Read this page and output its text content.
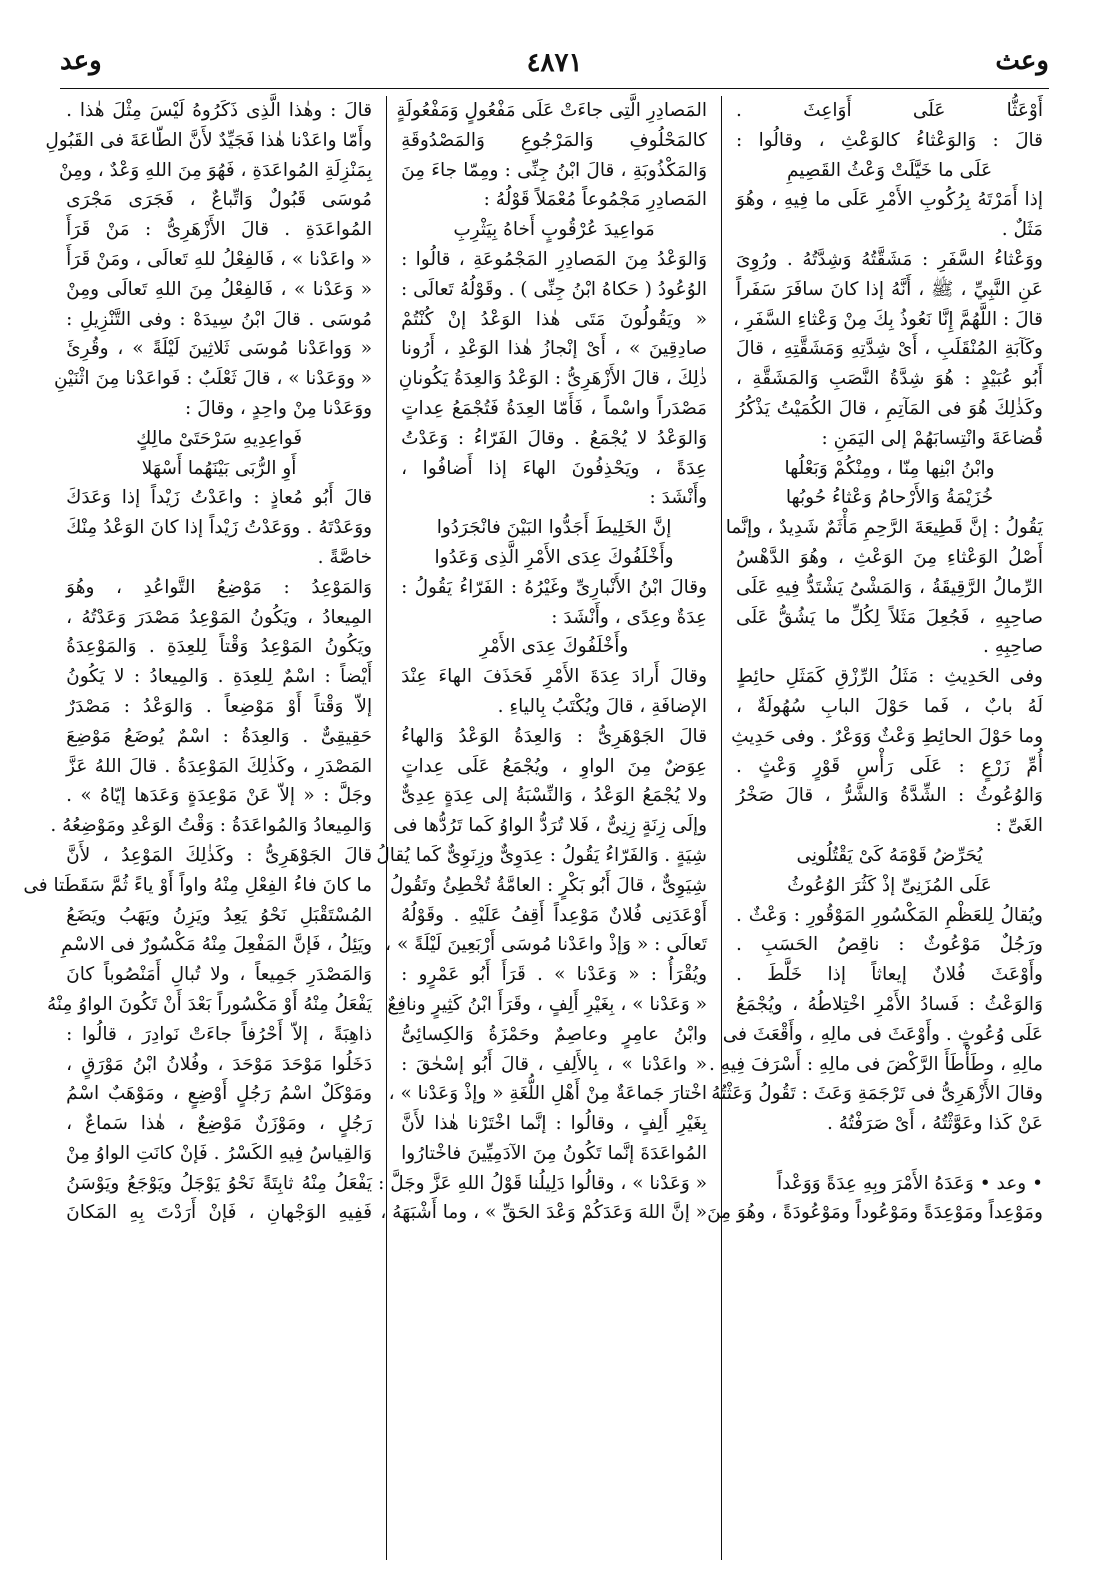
وعث
٤٨٧١
وعد
أَوْعَثُّا عَلَى أَوَاعِثَ .
قالَ : وَالوَعْثاءُ كالوَعْثِ ، وقالُوا :
عَلَى ما خَيَّلَتْ وَعْثُ القَصِيمِ
إذا أَمَرْتَهُ بِرُكُوبِ الأَمْرِ عَلَى ما فِيهِ ، وهُوَ
مَثَلٌ .
ووَعْثاءُ السَّفَرِ : مَشَقَّتُهُ وَشِدَّتُهُ . ورُوِىَ
عَنِ النَّبِيِّ ، ﷺ ، أَنَّهُ إذا كانَ سافَرَ سَفَراً
قالَ : اللَّهُمَّ إِنَّا نَعُوذُ بِكَ مِنْ وَعْثاءِ السَّفَرِ ،
وكَآبَةِ المُنْقَلَبِ ، أَىْ شِدَّتِهِ وَمَشَقَّتِهِ ، قالَ
أَبُو عُبَيْدٍ : هُوَ شِدَّةُ النَّصَبِ وَالمَشَقَّةِ ،
وكَذٰلِكَ هُوَ فى المَآتِمِ ، قالَ الكُمَيْتُ يَذْكُرُ
قُضاعَةَ وانْتِسابَهُمْ إلى اليَمَنِ :
وابْنُ ابْنِها مِنّا ، ومِنْكُمْ وَبَعْلُها
خُزَيْمَةُ وَالأَرْحامُ وَعْثاءُ حُوبُها
يَقُولُ : إنَّ قَطِيعَةَ الرَّحِمِ مَأْثَمٌ شَدِيدٌ ، وإنَّما
أَصْلُ الوَعْثاءِ مِنَ الوَعْثِ ، وهُوَ الدَّهْسُ
الرِّمالُ الرَّقِيقَةُ ، وَالمَشْىُ يَشْتَدُّ فِيهِ عَلَى
صاحِبِهِ ، فَجُعِلَ مَثَلاً لِكُلِّ ما يَشُقُّ عَلَى
صاحِبِهِ .
وفى الحَدِيثِ : مَثَلُ الرِّزْقِ كَمَثَلِ حائِطٍ
لَهُ بابٌ ، فَما حَوْلَ البابِ سُهُولَةٌ ،
وما حَوْلَ الحائِطِ وَعْثٌ وَوَعْرٌ . وفى حَدِيثِ
أُمِّ زَرْعٍ : عَلَى رَأْسِ قَوْرٍ وَعْثٍ .
وَالوُعُوثُ : الشِّدَّةُ وَالشَّرُّ ، قالَ صَخْرُ
الغَىِّ :
يُحَرِّضُ قَوْمَهُ كَىْ يَقْتُلُونِى
عَلَى المُزَنِىِّ إذْ كَثُرَ الوُعُوثُ
ويُقالُ لِلعَظْمِ المَكْسُورِ المَوْقُورِ : وَعْثٌ .
ورَجُلٌ مَوْعُوثٌ : ناقِصُ الحَسَبِ .
وأَوْعَثَ فُلانٌ إيعاثاً إذا خَلَّطَ .
وَالوَعْثُ : فَسادُ الأَمْرِ اخْتِلاطُهُ ، ويُجْمَعُ
عَلَى وُعُوثٍ . وأَوْعَثَ فى مالِهِ ، وأَقْعَثَ فى
مالِهِ ، وطَأْطَأَ الرَّكْضَ فى مالِهِ : أَسْرَفَ فِيهِ .
وقالَ الأَزْهَرِىُّ فى تَرْجَمَةِ وَعَثَ : تَقُولُ وَعَثْتُهُ
عَنْ كَذا وعَوَّثْتُهُ ، أَىْ صَرَفْتُهُ .
• وعد • وَعَدَهُ الأَمْرَ وبِهِ عِدَةً وَوَعْداً
ومَوْعِداً ومَوْعِدَةً ومَوْعُوداً ومَوْعُودَةً ، وهُوَ مِنَ
المَصادِرِ الَّتِى جاءَتْ عَلَى مَفْعُولٍ وَمَفْعُولَةٍ
كالمَحْلُوفِ وَالمَرْجُوعِ وَالمَصْدُوقَةِ
وَالمَكْذُوبَةِ ، قالَ ابْنُ جِنِّى : ومِمّا جاءَ مِنَ
المَصادِرِ مَجْمُوعاً مُعْمَلاً قَوْلُهُ :
مَواعِيدَ عُرْقُوبٍ أَخاهُ بِيَثْرِبِ
وَالوَعْدُ مِنَ المَصادِرِ المَجْمُوعَةِ ، قالُوا :
الوُعُودُ ( حَكاهُ ابْنُ جِنِّى ) . وقَوْلُهُ تَعالَى :
« ويَقُولُونَ مَتَى هٰذا الوَعْدُ إنْ كُنْتُمْ
صادِقِينَ » ، أَىْ إنْجازُ هٰذا الوَعْدِ ، أَرُونا
ذٰلِكَ ، قالَ الأَزْهَرِىُّ : الوَعْدُ وَالعِدَةُ يَكُونانِ
مَصْدَراً واسْماً ، فَأَمّا العِدَةُ فَتُجْمَعُ عِداتٍ
وَالوَعْدُ لا يُجْمَعُ . وقالَ الفَرّاءُ : وَعَدْتُ
عِدَةً ، ويَحْذِفُونَ الهاءَ إذا أَضافُوا ،
وأَنْشَدَ :
إنَّ الخَلِيطَ أَجَدُّوا البَيْنَ فانْجَرَدُوا
وأَخْلَفُوكَ عِدَى الأَمْرِ الَّذِى وَعَدُوا
وقالَ ابْنُ الأَنْبارِىِّ وغَيْرُهُ : الفَرّاءُ يَقُولُ :
عِدَةٌ وعِدًى ، وأَنْشَدَ :
وأَخْلَفُوكَ عِدَى الأَمْرِ
وقالَ أَرادَ عِدَةَ الأَمْرِ فَحَذَفَ الهاءَ عِنْدَ
الإضافَةِ ، قالَ ويُكْتَبُ بِالياءِ .
قالَ الجَوْهَرِىُّ : وَالعِدَةُ الوَعْدُ وَالهاءُ
عِوَضٌ مِنَ الواوِ ، ويُجْمَعُ عَلَى عِداتٍ
ولا يُجْمَعُ الوَعْدُ ، وَالنِّسْبَةُ إلى عِدَةٍ عِدِىٌّ
وإلَى زِنَةٍ زِنِىٌّ ، فَلا تُرَدُّ الواوُ كَما تَرُدُّها فى
شِيَةٍ . وَالفَرّاءُ يَقُولُ : عِدَوِىٌّ وزِنَوِىٌّ كَما يُقالُ
شِيَوِىٌّ ، قالَ أَبُو بَكْرٍ : العامَّةُ تُخْطِئُ وتَقُولُ
أَوْعَدَنِى فُلانٌ مَوْعِداً أَقِفُ عَلَيْهِ . وقَوْلُهُ
تَعالَى : « وَإذْ واعَدْنا مُوسَى أَرْبَعِينَ لَيْلَةً » ،
ويُقْرَأُ : « وَعَدْنا » . قَرَأَ أَبُو عَمْرٍو :
« وَعَدْنا » ، بِغَيْرِ أَلِفٍ ، وقَرَأَ ابْنُ كَثِيرٍ ونافِعٌ
وابْنُ عامِرٍ وعاصِمٌ وحَمْزَةُ وَالكِسائِىُّ
« واعَدْنا » ، بِالأَلِفِ ، قالَ أَبُو إسْحٰقَ :
اخْتارَ جَماعَةٌ مِنْ أَهْلِ اللُّغَةِ « وإذْ وَعَدْنا » ،
بِغَيْرِ أَلِفٍ ، وقالُوا : إنَّما اخْتَرْنا هٰذا لأَنَّ
المُواعَدَةَ إنَّما تَكُونُ مِنَ الآدَمِيِّينَ فاخْتارُوا
« وَعَدْنا » ، وقالُوا دَلِيلُنا قَوْلُ اللهِ عَزَّ وجَلَّ :
« إنَّ اللهَ وَعَدَكُمْ وَعْدَ الحَقِّ » ، وما أَشْبَهَهُ ،
قالَ : وهٰذا الَّذِى ذَكَرُوهُ لَيْسَ مِثْلَ هٰذا .
وأَمّا واعَدْنا هٰذا فَجَيِّدٌ لأَنَّ الطّاعَةَ فى القَبُولِ
بِمَنْزِلَةِ المُواعَدَةِ ، فَهُوَ مِنَ اللهِ وَعْدٌ ، ومِنْ
مُوسَى قَبُولٌ وَاتِّباعٌ ، فَجَرَى مَجْرَى
المُواعَدَةِ . قالَ الأَزْهَرِىُّ : مَنْ قَرَأَ
« واعَدْنا » ، فَالفِعْلُ للهِ تَعالَى ، ومَنْ قَرَأَ
« وَعَدْنا » ، فَالفِعْلُ مِنَ اللهِ تَعالَى ومِنْ
مُوسَى . قالَ ابْنُ سِيدَهْ : وفى التَّنْزِيلِ :
« وَواعَدْنا مُوسَى ثَلاثِينَ لَيْلَةً » ، وقُرِئَ
« ووَعَدْنا » ، قالَ ثَعْلَبٌ : فَواعَدْنا مِنَ اثْنَيْنِ
ووَعَدْنا مِنْ واحِدٍ ، وقالَ :
فَواعِدِيهِ سَرْحَتَىْ مالِكٍ
أَوِ الرُّبَى بَيْنَهُما أَسْهَلا
قالَ أَبُو مُعاذٍ : واعَدْتُ زَيْداً إذا وَعَدَكَ
ووَعَدْتَهُ . ووَعَدْتُ زَيْداً إذا كانَ الوَعْدُ مِنْكَ
خاصَّةً .
وَالمَوْعِدُ : مَوْضِعُ التَّواعُدِ ، وهُوَ
المِيعادُ ، ويَكُونُ المَوْعِدُ مَصْدَرَ وَعَدْتُهُ ،
ويَكُونُ المَوْعِدُ وَقْتاً لِلعِدَةِ . وَالمَوْعِدَةُ
أَيْضاً : اسْمٌ لِلعِدَةِ . وَالمِيعادُ : لا يَكُونُ
إلاّ وَقْتاً أَوْ مَوْضِعاً . وَالوَعْدُ : مَصْدَرٌ
حَقِيقِىٌّ . وَالعِدَةُ : اسْمٌ يُوضَعُ مَوْضِعَ
المَصْدَرِ ، وكَذٰلِكَ المَوْعِدَةُ . قالَ اللهُ عَزَّ
وجَلَّ : « إلاّ عَنْ مَوْعِدَةٍ وَعَدَها إيّاهُ » .
وَالمِيعادُ وَالمُواعَدَةُ : وَقْتُ الوَعْدِ ومَوْضِعُهُ .
قالَ الجَوْهَرِىُّ : وكَذٰلِكَ المَوْعِدُ ، لأَنَّ
ما كانَ فاءُ الفِعْلِ مِنْهُ واواً أَوْ ياءً ثُمَّ سَقَطَتا فى
المُسْتَقْبَلِ نَحْوُ يَعِدُ ويَزِنُ ويَهَبُ ويَضَعُ
ويَئِلُ ، فَإنَّ المَفْعِلَ مِنْهُ مَكْسُورٌ فى الاسْمِ
وَالمَصْدَرِ جَمِيعاً ، ولا تُبالِ أَمَنْصُوباً كانَ
يَفْعَلُ مِنْهُ أَوْ مَكْسُوراً بَعْدَ أَنْ تَكُونَ الواوُ مِنْهُ
ذاهِبَةً ، إلاّ أَحْرُفاً جاءَتْ نَوادِرَ ، قالُوا :
دَخَلُوا مَوْحَدَ مَوْحَدَ ، وفُلانُ ابْنُ مَوْرَقٍ ،
ومَوْكَلٌ اسْمُ رَجُلٍ أَوْضِعٍ ، ومَوْهَبٌ اسْمُ
رَجُلٍ ، ومَوْزَنٌ مَوْضِعٌ ، هٰذا سَماعٌ ،
وَالقِياسُ فِيهِ الكَسْرُ . فَإنْ كانَتِ الواوُ مِنْ
يَفْعَلُ مِنْهُ ثابِتَةً نَحْوُ يَوْجَلُ ويَوْجَعُ ويَوْسَنُ
فَفِيهِ الوَجْهانِ ، فَإنْ أَرَدْتَ بِهِ المَكانَ
